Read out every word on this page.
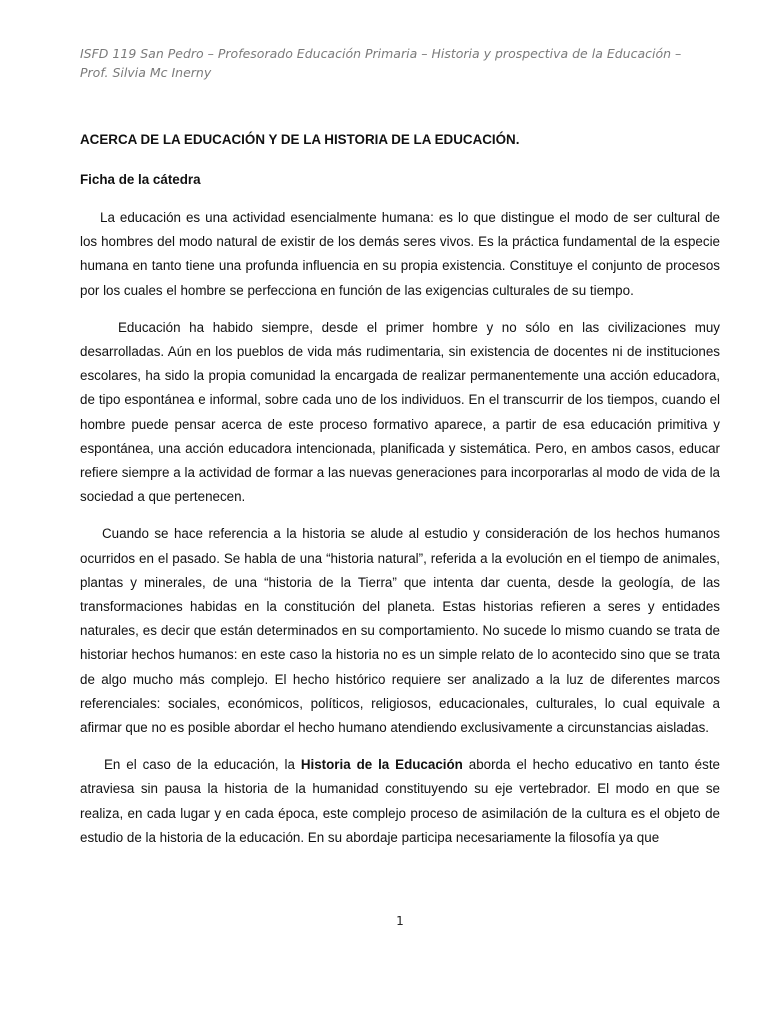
ISFD 119 San Pedro – Profesorado Educación Primaria – Historia y prospectiva de la Educación – Prof. Silvia Mc Inerny
ACERCA DE LA EDUCACIÓN Y DE LA HISTORIA DE LA EDUCACIÓN.
Ficha de la cátedra

La educación es una actividad esencialmente humana: es lo que distingue el modo de ser cultural de los hombres del modo natural de existir de los demás seres vivos. Es la práctica fundamental de la especie humana en tanto tiene una profunda influencia en su propia existencia. Constituye el conjunto de procesos por los cuales el hombre se perfecciona en función de las exigencias culturales de su tiempo.

Educación ha habido siempre, desde el primer hombre y no sólo en las civilizaciones muy desarrolladas. Aún en los pueblos de vida más rudimentaria, sin existencia de docentes ni de instituciones escolares, ha sido la propia comunidad la encargada de realizar permanentemente una acción educadora, de tipo espontánea e informal, sobre cada uno de los individuos. En el transcurrir de los tiempos, cuando el hombre puede pensar acerca de este proceso formativo aparece, a partir de esa educación primitiva y espontánea, una acción educadora intencionada, planificada y sistemática. Pero, en ambos casos, educar refiere siempre a la actividad de formar a las nuevas generaciones para incorporarlas al modo de vida de la sociedad a que pertenecen.

Cuando se hace referencia a la historia se alude al estudio y consideración de los hechos humanos ocurridos en el pasado. Se habla de una “historia natural”, referida a la evolución en el tiempo de animales, plantas y minerales, de una “historia de la Tierra” que intenta dar cuenta, desde la geología, de las transformaciones habidas en la constitución del planeta. Estas historias refieren a seres y entidades naturales, es decir que están determinados en su comportamiento. No sucede lo mismo cuando se trata de historiar hechos humanos: en este caso la historia no es un simple relato de lo acontecido sino que se trata de algo mucho más complejo. El hecho histórico requiere ser analizado a la luz de diferentes marcos referenciales: sociales, económicos, políticos, religiosos, educacionales, culturales, lo cual equivale a afirmar que no es posible abordar el hecho humano atendiendo exclusivamente a circunstancias aisladas.

En el caso de la educación, la Historia de la Educación aborda el hecho educativo en tanto éste atraviesa sin pausa la historia de la humanidad constituyendo su eje vertebrador. El modo en que se realiza, en cada lugar y en cada época, este complejo proceso de asimilación de la cultura es el objeto de estudio de la historia de la educación. En su abordaje participa necesariamente la filosofía ya que

1
